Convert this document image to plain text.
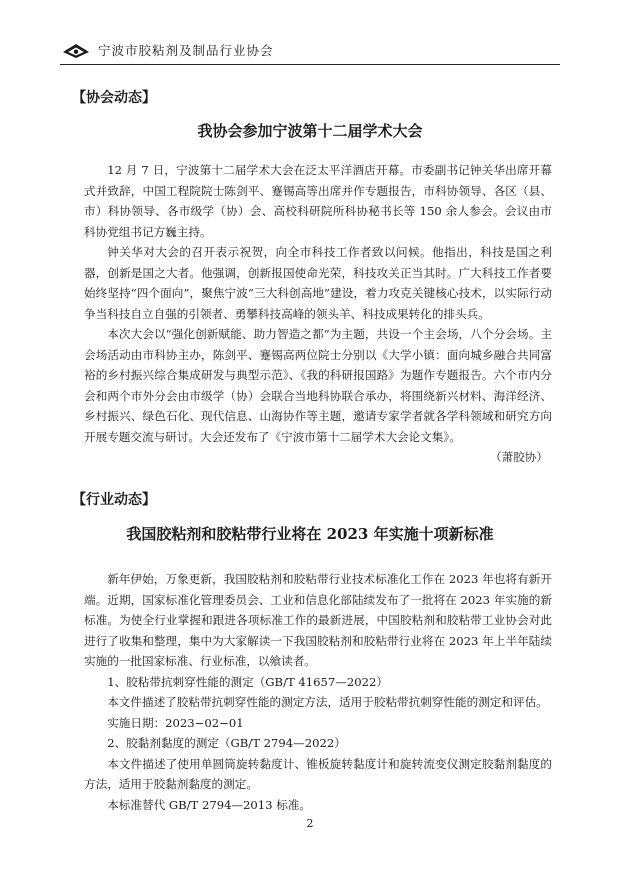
宁波市胶粘剂及制品行业协会
【协会动态】
我协会参加宁波第十二届学术大会

12 月 7 日，宁波第十二届学术大会在泛太平洋酒店开幕。市委副书记钟关华出席开幕式并致辞，中国工程院院士陈剑平、蹇锡高等出席并作专题报告，市科协领导、各区（县、市）科协领导、各市级学（协）会、高校科研院所科协秘书长等 150 余人参会。会议由市科协党组书记方巍主持。

钟关华对大会的召开表示祝贺，向全市科技工作者致以问候。他指出，科技是国之利器，创新是国之大者。他强调，创新报国使命光荣，科技攻关正当其时。广大科技工作者要始终坚持“四个面向”，聚焦宁波“三大科创高地”建设，着力攻克关键核心技术，以实际行动争当科技自立自强的引领者、勇攀科技高峰的领头羊、科技成果转化的排头兵。

本次大会以“强化创新赋能、助力智造之都”为主题，共设一个主会场，八个分会场。主会场活动由市科协主办，陈剑平、蹇锡高两位院士分别以《大学小镇：面向城乡融合共同富裕的乡村振兴综合集成研发与典型示范》、《我的科研报国路》为题作专题报告。六个市内分会和两个市外分会由市级学（协）会联合当地科协联合承办，将围绕新兴材料、海洋经济、乡村振兴、绿色石化、现代信息、山海协作等主题，邀请专家学者就各学科领域和研究方向开展专题交流与研讨。大会还发布了《宁波市第十二届学术大会论文集》。

（萧胶协）

【行业动态】
我国胶粘剂和胶粘带行业将在 2023 年实施十项新标准

新年伊始，万象更新，我国胶粘剂和胶粘带行业技术标准化工作在 2023 年也将有新开端。近期，国家标准化管理委员会、工业和信息化部陆续发布了一批将在 2023 年实施的新标准。为使全行业掌握和跟进各项标准工作的最新进展，中国胶粘剂和胶粘带工业协会对此进行了收集和整理，集中为大家解读一下我国胶粘剂和胶粘带行业将在 2023 年上半年陆续实施的一批国家标准、行业标准，以飨读者。

1、胶粘带抗刺穿性能的测定（GB/T 41657—2022）

本文件描述了胶粘带抗刺穿性能的测定方法，适用于胶粘带抗刺穿性能的测定和评估。

实施日期：2023−02−01

2、胶黏剂黏度的测定（GB/T 2794—2022）

本文件描述了使用单圆筒旋转黏度计、锥板旋转黏度计和旋转流变仪测定胶黏剂黏度的方法，适用于胶黏剂黏度的测定。

本标准替代 GB/T 2794—2013 标准。

2
